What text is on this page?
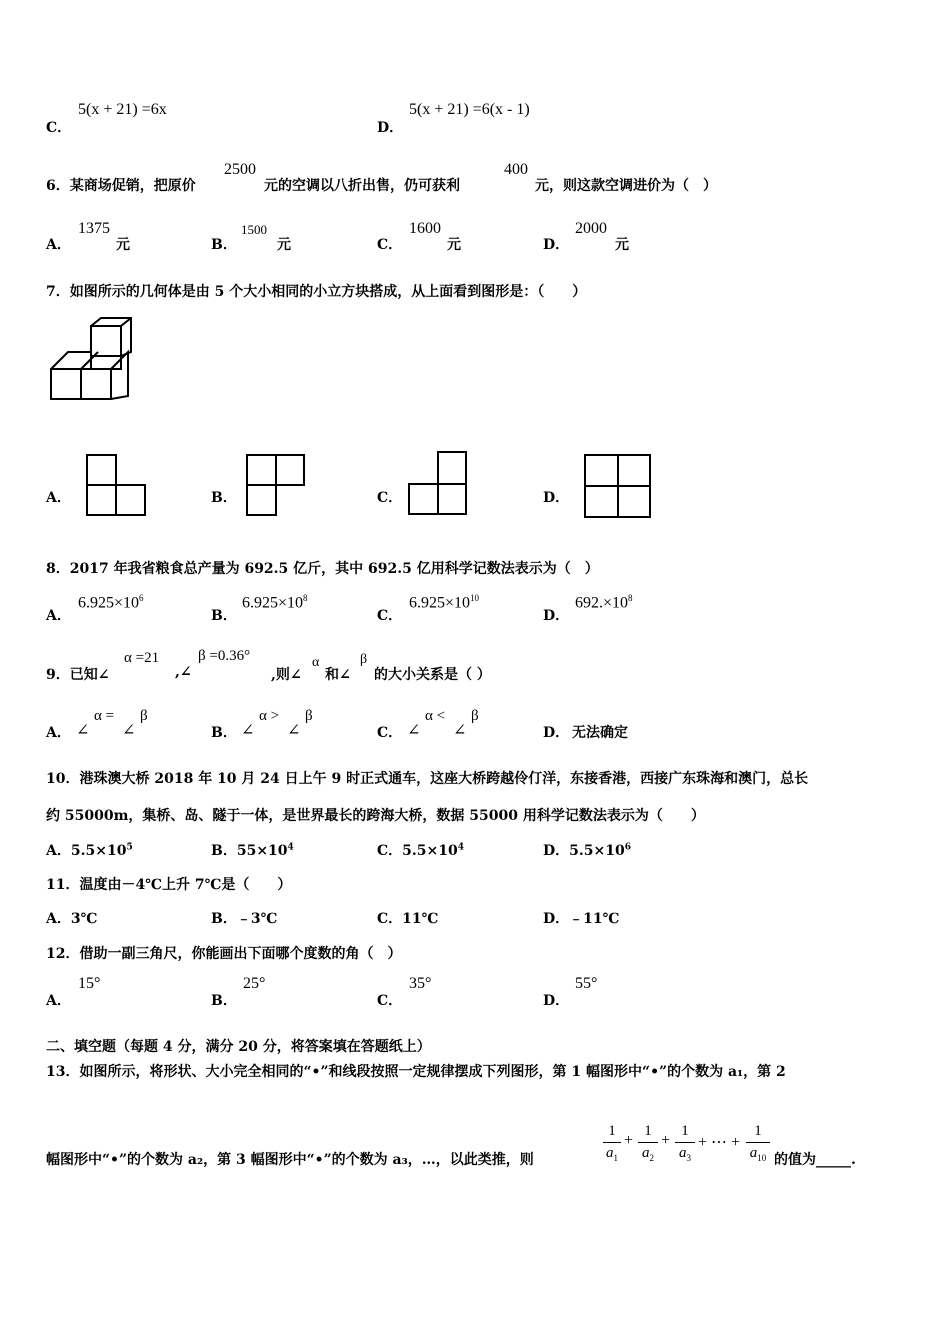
C．
5(x + 21) =6x
D．
5(x + 21) =6(x - 1)
6．某商场促销，把原价
2500
元的空调以八折出售，仍可获利
400
元，则这款空调进价为（　）
A．
1375
元	B．
1500
元	C．
1600
元	D．
2000
元
7．如图所示的几何体是由 5 个大小相同的小立方块搭成，从上面看到图形是：（　　）
A．	B．	C．	D．
8．2017 年我省粮食总产量为 692.5 亿斤，其中 692.5 亿用科学记数法表示为（　）
A．
$6.925\times 10^6$
B．
$6.925\times 10^8$
C．
$6.925\times 10^{10}$
D．
$692.\times 10^8$
9．已知∠
α =21
,∠
β =0.36°
,则∠
α
和∠
β
的大小关系是（ ）
A． ∠
α =
∠
β
B． ∠
α >
∠
β
C． ∠
α <
∠
β
D． 无法确定
10．港珠澳大桥 2018 年 10 月 24 日上午 9 时正式通车，这座大桥跨越伶仃洋，东接香港，西接广东珠海和澳门，总长
约 55000m，集桥、岛、隧于一体，是世界最长的跨海大桥，数据 55000 用科学记数法表示为（　　）
A．$5.5\times 10^5$	B．$55\times 10^4$	C．$5.5\times 10^4$	D．$5.5\times 10^6$
11．温度由－4℃上升 7℃是（　　）
A．3℃	B．﹣3℃	C．11℃	D．﹣11℃
12．借助一副三角尺，你能画出下面哪个度数的角（　）
A．
15°
B．
25°
C．
35°
D．
55°
二、填空题（每题 4 分，满分 20 分，将答案填在答题纸上）
13．如图所示，将形状、大小完全相同的“•”和线段按照一定规律摆成下列图形，第 1 幅图形中“•”的个数为 a₁，第 2
幅图形中“•”的个数为 a₂，第 3 幅图形中“•”的个数为 a₃，…，以此类推，则
1
$a_1$
+
1
$a_2$
+
1
$a_3$
+ ⋯ +
1
$a_{10}$ 的值为_____.
